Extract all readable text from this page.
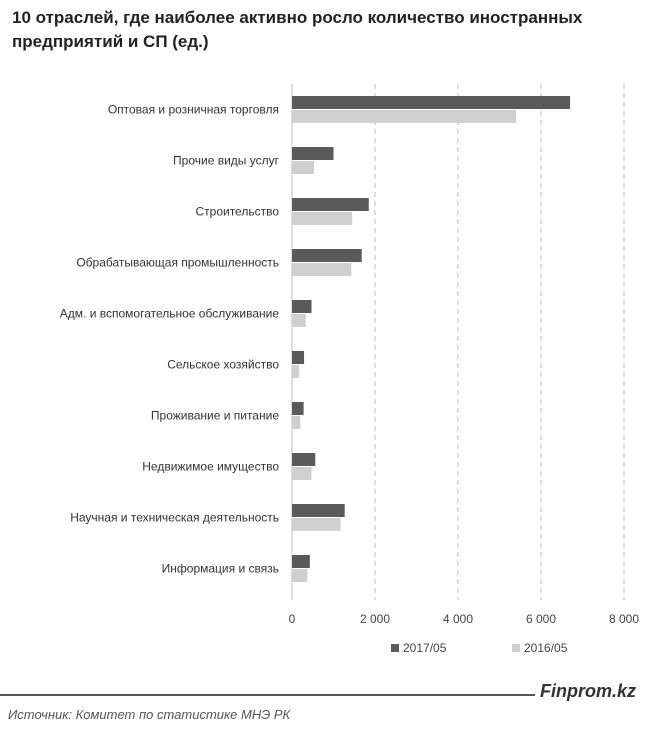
10 отраслей, где наиболее активно росло количество иностранных предприятий и СП (ед.)
Оптовая и розничная торговля
Прочие виды услуг
Строительство
Обрабатывающая промышленность
Адм. и вспомогательное обслуживание
Сельское хозяйство
Проживание и питание
Недвижимое имущество
Научная и техническая деятельность
Информация и связь
0	2 000	4 000	6 000	8 000
2017/05	2016/05
Finprom.kz
Источник: Комитет по статистике МНЭ РК
